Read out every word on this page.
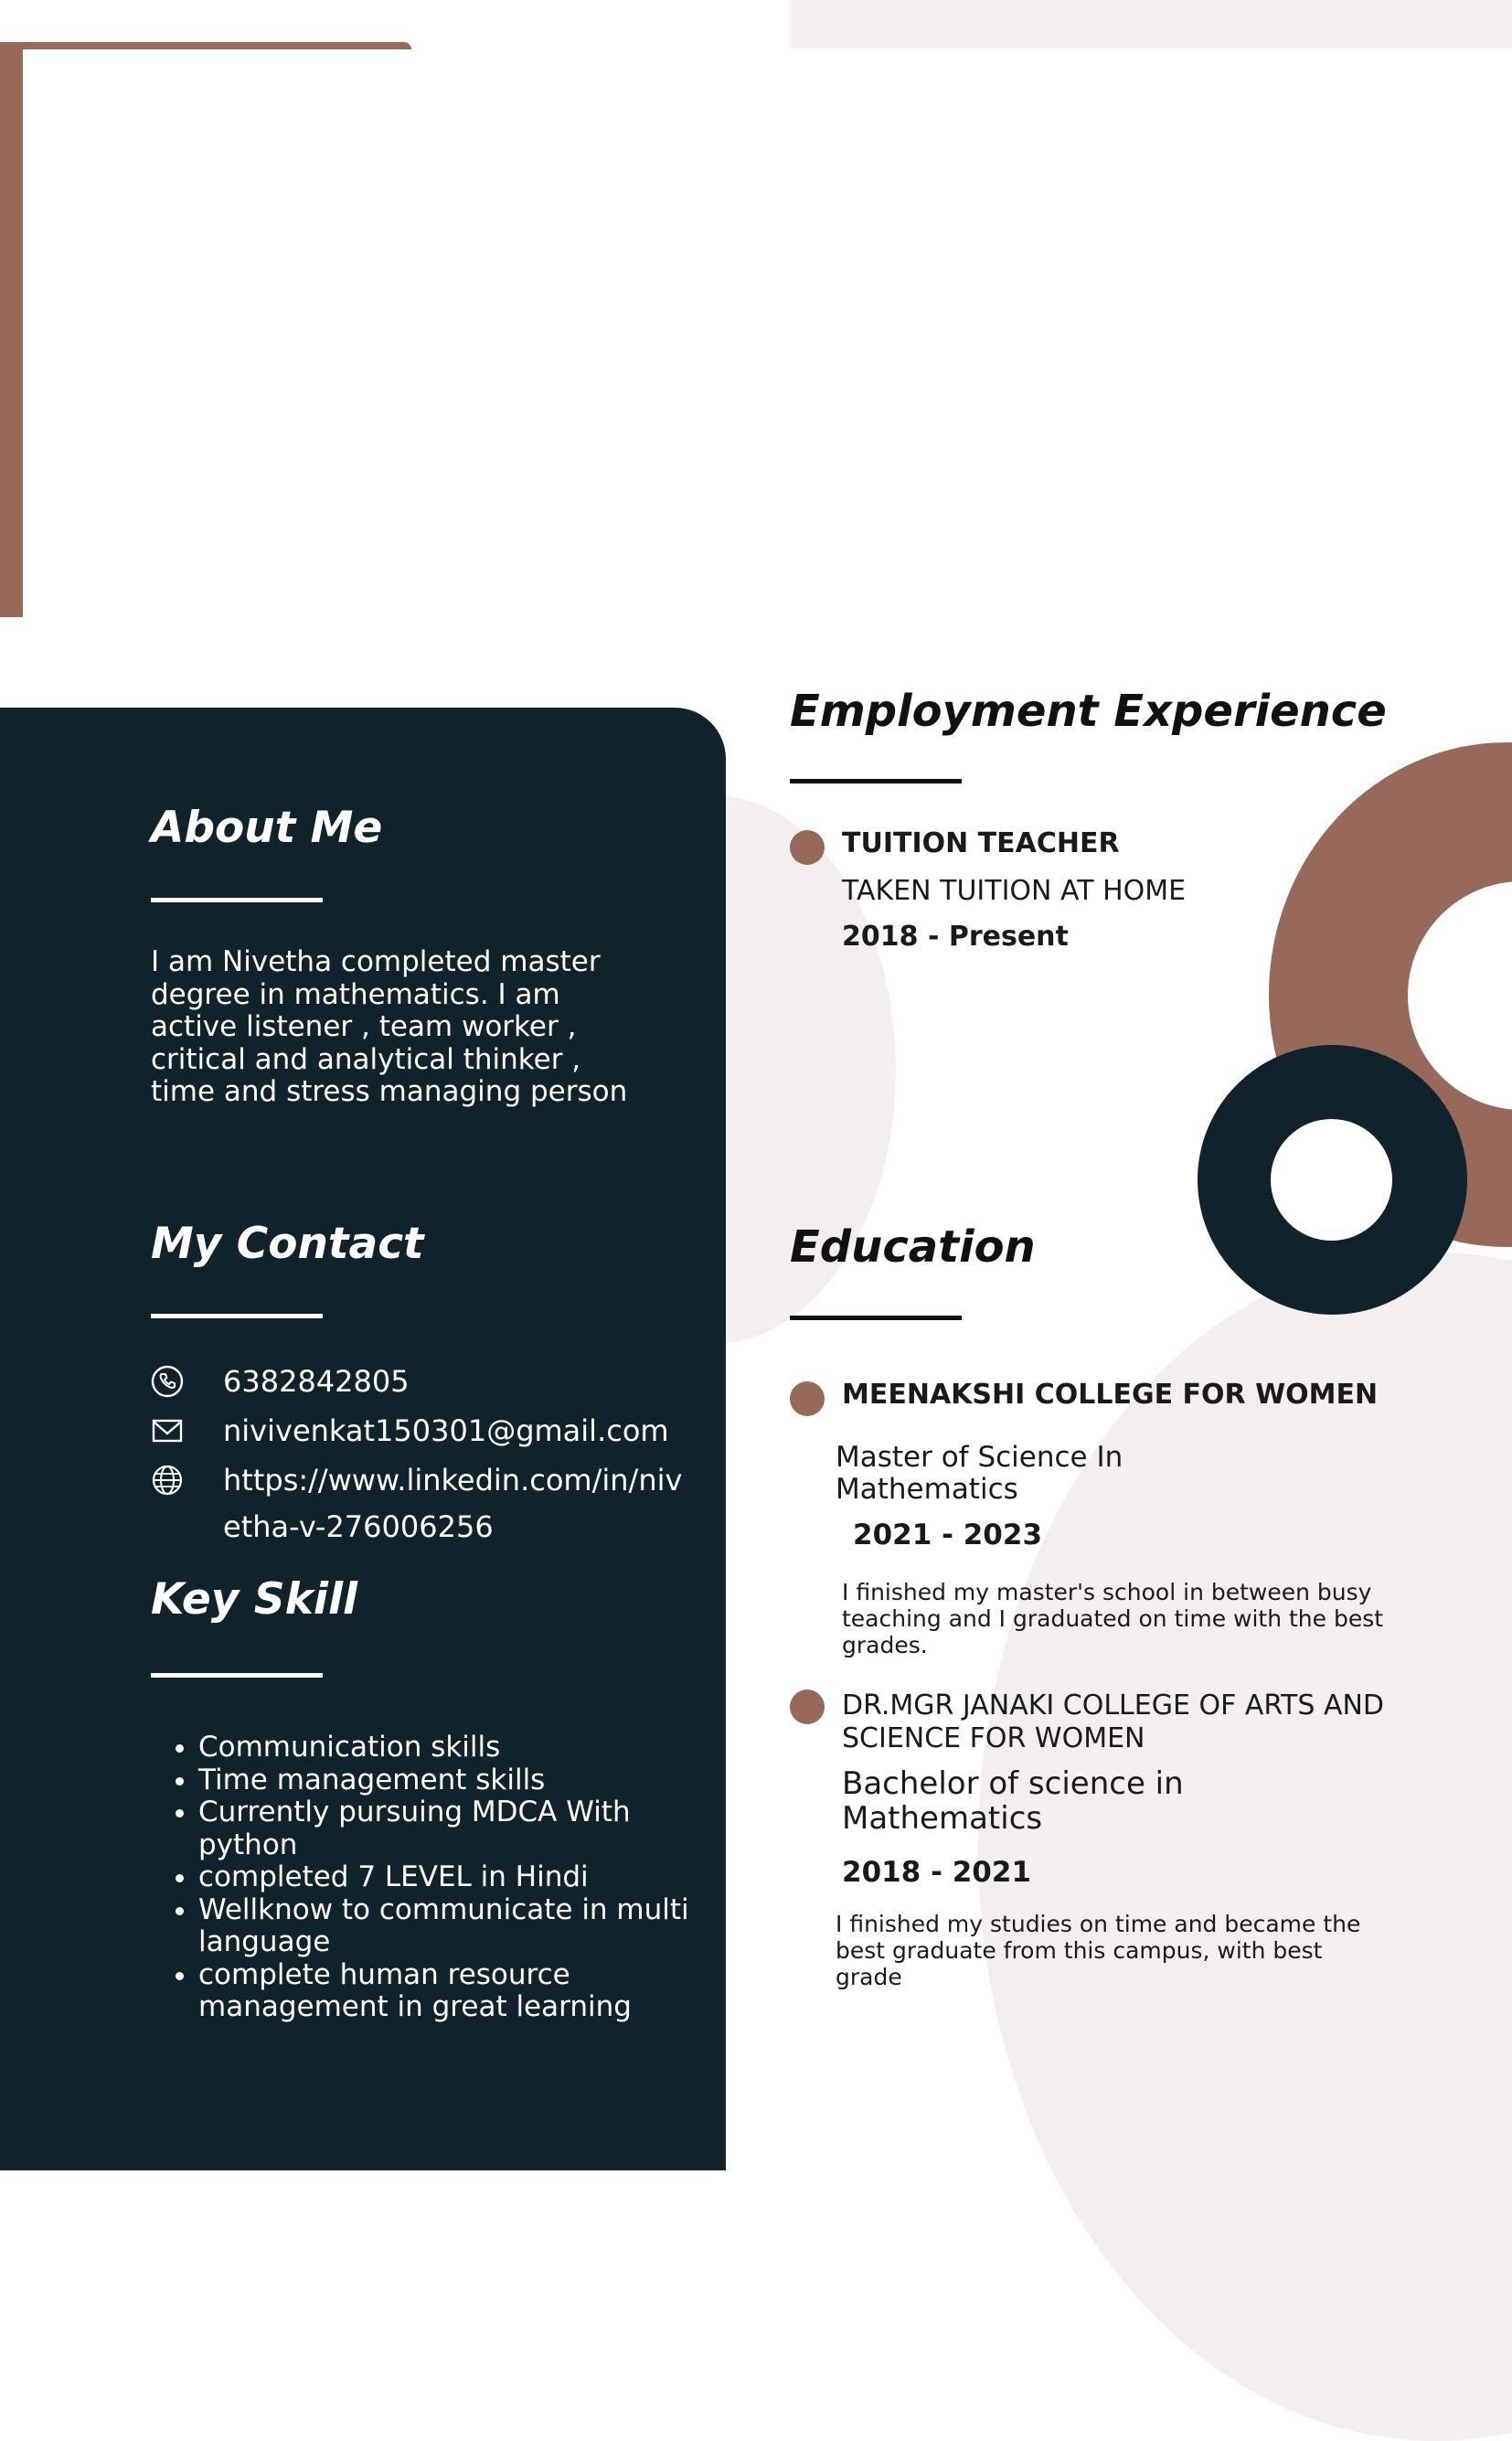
About Me

I am Nivetha completed master degree in mathematics. I am active listener , team worker , critical and analytical thinker , time and stress managing person

My Contact
6382842805
nivivenkat150301@gmail.com
https://www.linkedin.com/in/niv
etha-v-276006256
Key Skill
• Communication skills
• Time management skills
• Currently pursuing MDCA With python
• completed 7 LEVEL in Hindi
• Wellknow to communicate in multi language
• complete human resource management in great learning
Employment Experience
TUITION TEACHER
TAKEN TUITION AT HOME
2018 - Present
Education
MEENAKSHI COLLEGE FOR WOMEN
Master of Science In Mathematics
2021 - 2023
I finished my master's school in between busy teaching and I graduated on time with the best grades.
DR.MGR JANAKI COLLEGE OF ARTS AND SCIENCE FOR WOMEN
Bachelor of science in Mathematics
2018 - 2021
I finished my studies on time and became the best graduate from this campus, with best grade
